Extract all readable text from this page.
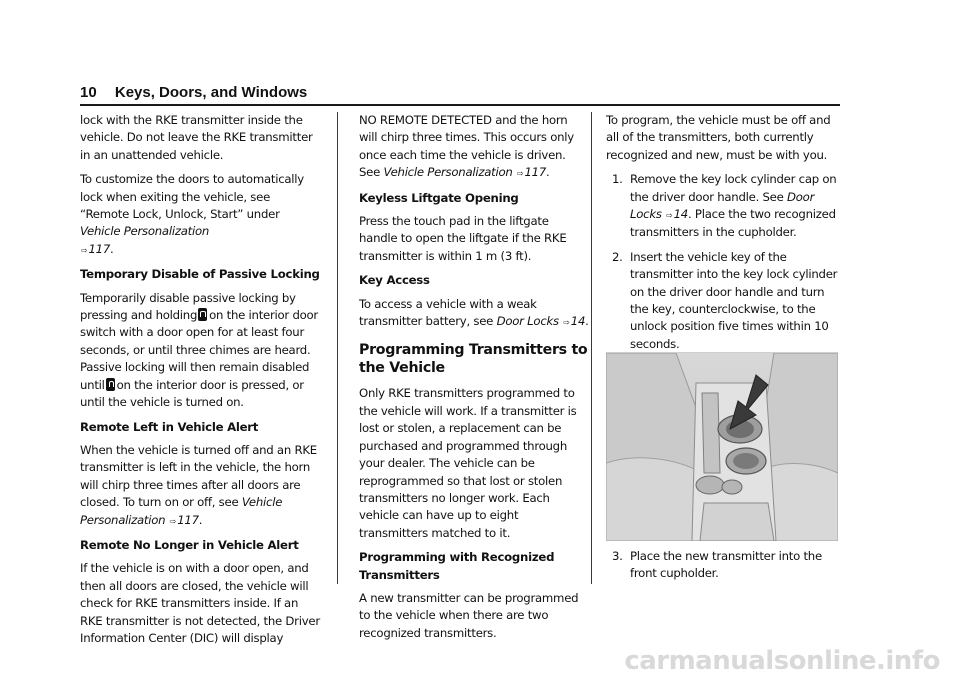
10 Keys, Doors, and Windows

lock with the RKE transmitter inside the vehicle. Do not leave the RKE transmitter in an unattended vehicle.

To customize the doors to automatically lock when exiting the vehicle, see “Remote Lock, Unlock, Start” under Vehicle Personalization
⇨117.

Temporary Disable of Passive Locking

Temporarily disable passive locking by pressing and holding on the interior door switch with a door open for at least four seconds, or until three chimes are heard. Passive locking will then remain disabled until on the interior door is pressed, or until the vehicle is turned on.

Remote Left in Vehicle Alert

When the vehicle is turned off and an RKE transmitter is left in the vehicle, the horn will chirp three times after all doors are closed. To turn on or off, see Vehicle Personalization ⇨117.

Remote No Longer in Vehicle Alert

If the vehicle is on with a door open, and then all doors are closed, the vehicle will check for RKE transmitters inside. If an RKE transmitter is not detected, the Driver Information Center (DIC) will display

NO REMOTE DETECTED and the horn will chirp three times. This occurs only once each time the vehicle is driven. See Vehicle Personalization ⇨117.

Keyless Liftgate Opening

Press the touch pad in the liftgate handle to open the liftgate if the RKE transmitter is within 1 m (3 ft).

Key Access

To access a vehicle with a weak transmitter battery, see Door Locks ⇨14.

Programming Transmitters to the Vehicle

Only RKE transmitters programmed to the vehicle will work. If a transmitter is lost or stolen, a replacement can be purchased and programmed through your dealer. The vehicle can be reprogrammed so that lost or stolen transmitters no longer work. Each vehicle can have up to eight transmitters matched to it.

Programming with Recognized Transmitters

A new transmitter can be programmed to the vehicle when there are two recognized transmitters.

To program, the vehicle must be off and all of the transmitters, both currently recognized and new, must be with you.

1. Remove the key lock cylinder cap on the driver door handle. See Door Locks ⇨14. Place the two recognized transmitters in the cupholder.
2. Insert the vehicle key of the transmitter into the key lock cylinder on the driver door handle and turn the key, counterclockwise, to the unlock position five times within 10 seconds.

3. Place the new transmitter into the front cupholder.
carmanualsonline.info
